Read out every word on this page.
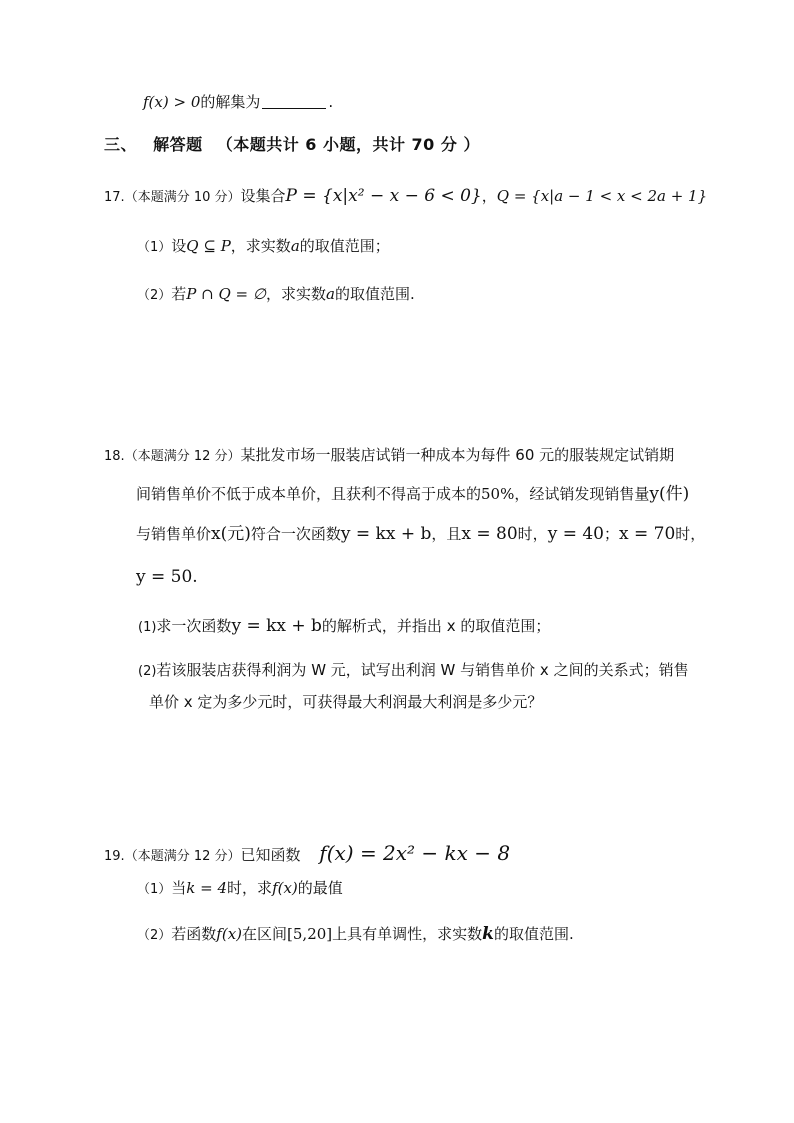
f(x) > 0的解集为	.
三、 解答题 （本题共计 6 小题，共计 70 分 ）
17.（本题满分 10 分）设集合P = {x|x² − x − 6 < 0}，Q = {x|a − 1 < x < 2a + 1}
（1）设Q ⊆ P，求实数a的取值范围；
（2）若P ∩ Q = ∅，求实数a的取值范围.
18.（本题满分 12 分）某批发市场一服装店试销一种成本为每件 60 元的服装规定试销期
间销售单价不低于成本单价，且获利不得高于成本的50%，经试销发现销售量y(件)
与销售单价x(元)符合一次函数y = kx + b，且x = 80时，y = 40；x = 70时，
y = 50.
(1)求一次函数y = kx + b的解析式，并指出 x 的取值范围；
(2)若该服装店获得利润为 W 元，试写出利润 W 与销售单价 x 之间的关系式；销售
单价 x 定为多少元时，可获得最大利润最大利润是多少元？
19.（本题满分 12 分）已知函数 f(x) = 2x² − kx − 8
（1）当k = 4时，求f(x)的最值
（2）若函数f(x)在区间[5,20]上具有单调性，求实数k的取值范围.
